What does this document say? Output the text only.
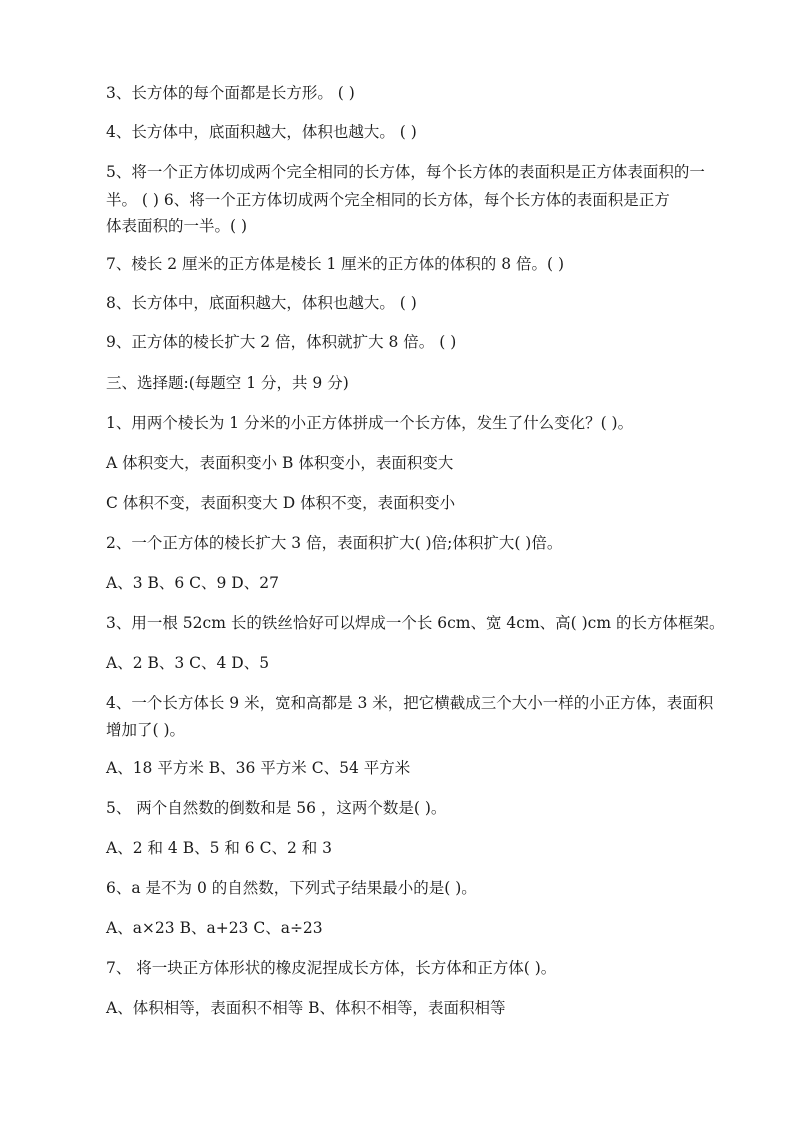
3、长方体的每个面都是长方形。 ( )
4、长方体中，底面积越大，体积也越大。 ( )
5、将一个正方体切成两个完全相同的长方体，每个长方体的表面积是正方体表面积的一
半。 ( ) 6、将一个正方体切成两个完全相同的长方体，每个长方体的表面积是正方
体表面积的一半。( )
7、棱长 2 厘米的正方体是棱长 1 厘米的正方体的体积的 8 倍。( )
8、长方体中，底面积越大，体积也越大。 ( )
9、正方体的棱长扩大 2 倍，体积就扩大 8 倍。 ( )
三、选择题:(每题空 1 分，共 9 分)
1、用两个棱长为 1 分米的小正方体拼成一个长方体，发生了什么变化？( )。
A 体积变大，表面积变小 B 体积变小，表面积变大
C 体积不变，表面积变大 D 体积不变，表面积变小
2、一个正方体的棱长扩大 3 倍，表面积扩大( )倍;体积扩大( )倍。
A、3 B、6 C、9 D、27
3、用一根 52cm 长的铁丝恰好可以焊成一个长 6cm、宽 4cm、高( )cm 的长方体框架。
A、2 B、3 C、4 D、5
4、一个长方体长 9 米，宽和高都是 3 米，把它横截成三个大小一样的小正方体，表面积
增加了( )。
A、18 平方米 B、36 平方米 C、54 平方米
5、 两个自然数的倒数和是 56 ，这两个数是( )。
A、2 和 4 B、5 和 6 C、2 和 3
6、a 是不为 0 的自然数，下列式子结果最小的是( )。
A、a×23 B、a+23 C、a÷23
7、 将一块正方体形状的橡皮泥捏成长方体，长方体和正方体( )。
A、体积相等，表面积不相等 B、体积不相等，表面积相等
